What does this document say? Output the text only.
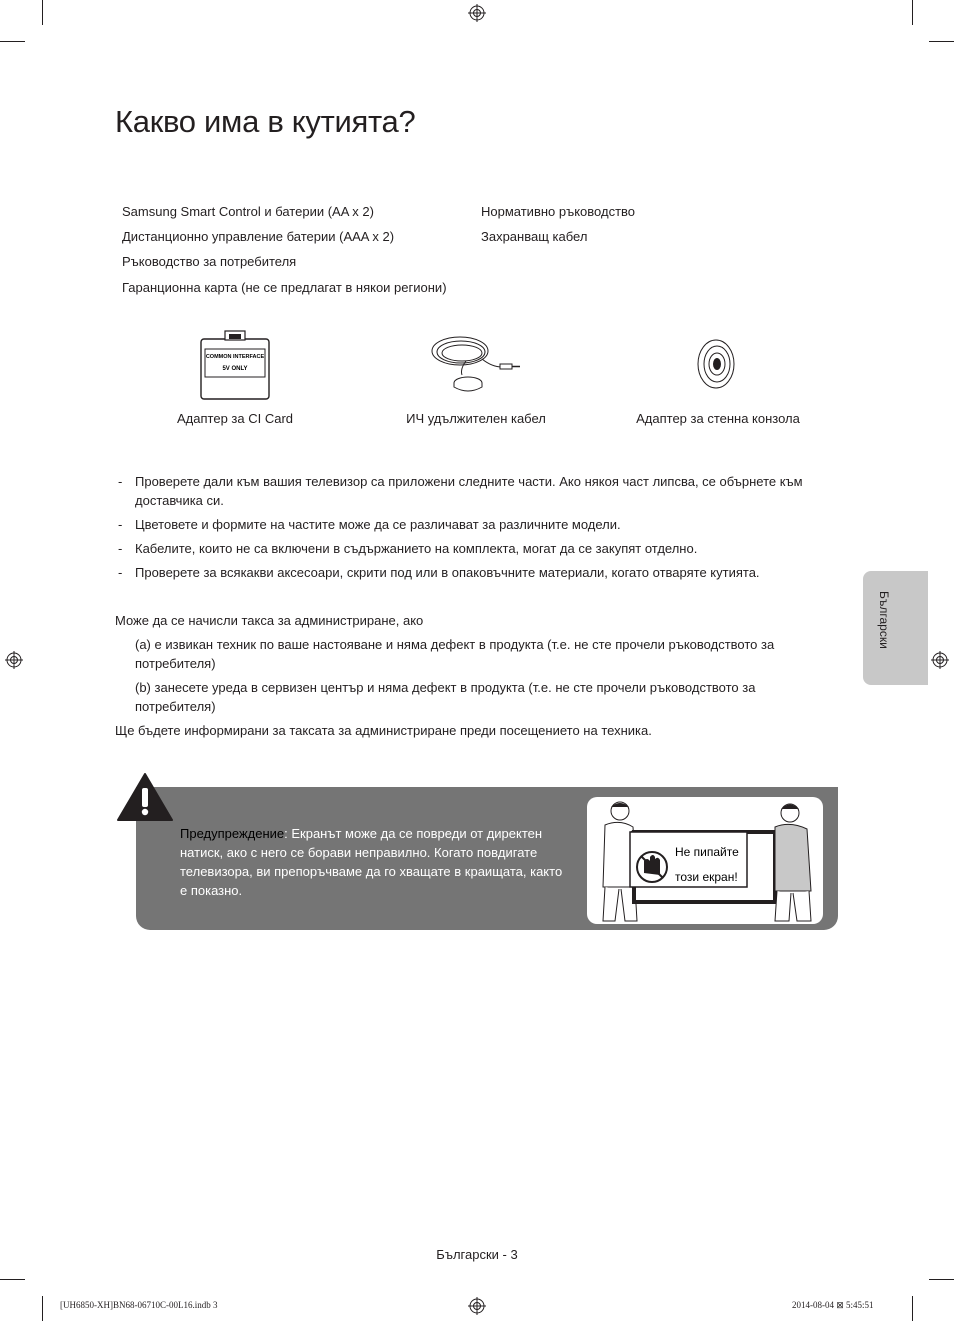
Какво има в кутията?
Samsung Smart Control и батерии (AA x 2)
Дистанционно управление батерии (AAA x 2)
Ръководство за потребителя
Гаранционна карта (не се предлагат в някои региони)
Нормативно ръководство
Захранващ кабел
COMMON INTERFACE
5V ONLY
Адаптер за CI Card	ИЧ удължителен кабел	Адаптер за стенна конзола
- Проверете дали към вашия телевизор са приложени следните части. Ако някоя част липсва, се обърнете към доставчика си.
- Цветовете и формите на частите може да се различават за различните модели.
- Кабелите, които не са включени в съдържанието на комплекта, могат да се закупят отделно.
- Проверете за всякакви аксесоари, скрити под или в опаковъчните материали, когато отваряте кутията.

Може да се начисли такса за администриране, ако

(a) е извикан техник по ваше настояване и няма дефект в продукта (т.е. не сте прочели ръководството за потребителя)

(b) занесете уреда в сервизен център и няма дефект в продукта (т.е. не сте прочели ръководството за потребителя)

Ще бъдете информирани за таксата за администриране преди посещението на техника.

Български
Предупреждение: Екранът може да се повреди от директен натиск, ако с него се борави неправилно. Когато повдигате телевизора, ви препоръчваме да го хващате в краищата, както е показно.
Не пипайте
този екран!
Български - 3
[UH6850-XH]BN68-06710C-00L16.indb 3	2014-08-04 ⊠ 5:45:51
